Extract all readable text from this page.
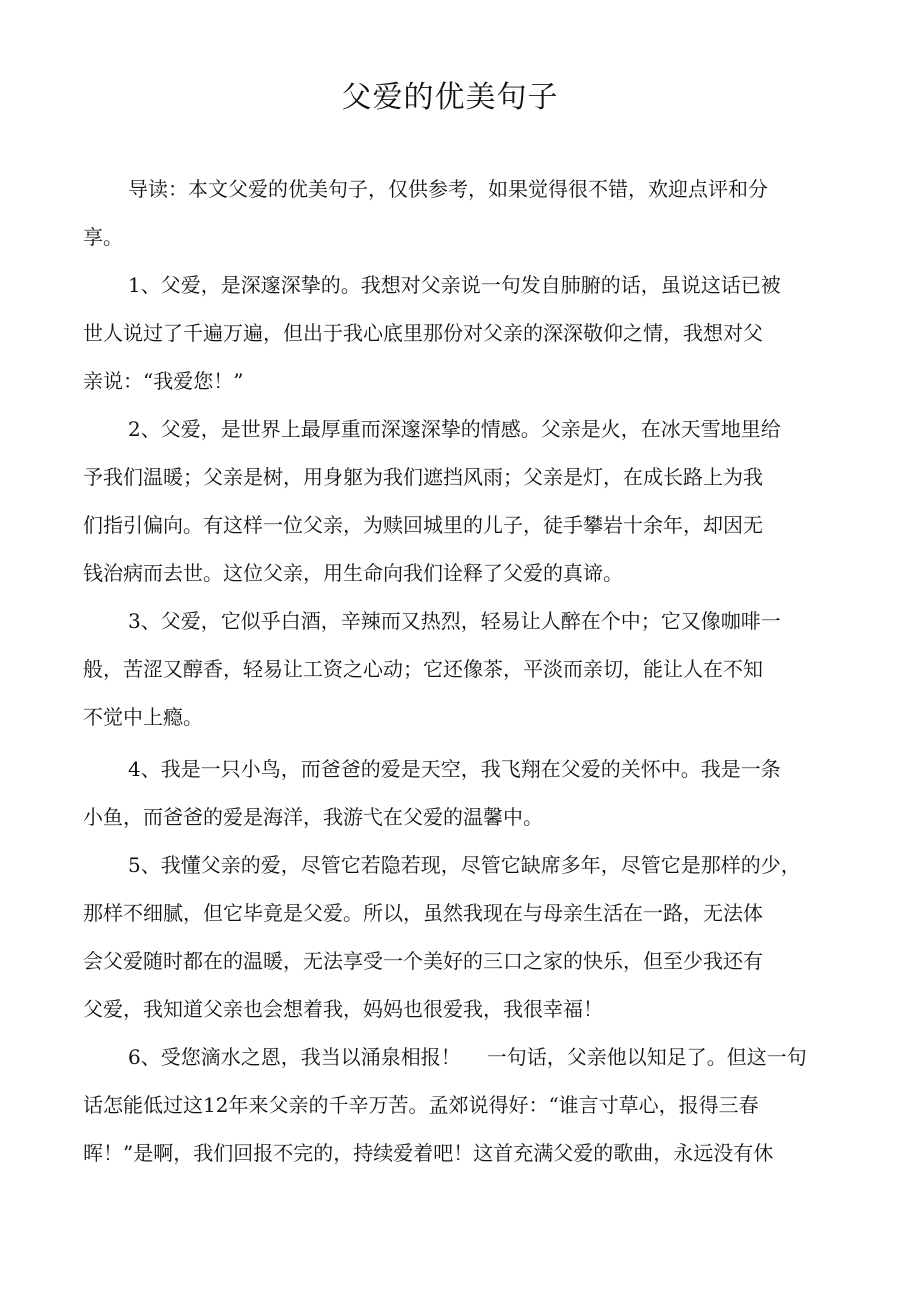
父爱的优美句子

导读：本文父爱的优美句子，仅供参考，如果觉得很不错，欢迎点评和分

享。

1、父爱，是深邃深挚的。我想对父亲说一句发自肺腑的话，虽说这话已被

世人说过了千遍万遍，但出于我心底里那份对父亲的深深敬仰之情，我想对父

亲说：“我爱您！”

2、父爱，是世界上最厚重而深邃深挚的情感。父亲是火，在冰天雪地里给

予我们温暖；父亲是树，用身躯为我们遮挡风雨；父亲是灯，在成长路上为我

们指引偏向。有这样一位父亲，为赎回城里的儿子，徒手攀岩十余年，却因无

钱治病而去世。这位父亲，用生命向我们诠释了父爱的真谛。

3、父爱，它似乎白酒，辛辣而又热烈，轻易让人醉在个中；它又像咖啡一

般，苦涩又醇香，轻易让工资之心动；它还像茶，平淡而亲切，能让人在不知

不觉中上瘾。

4、我是一只小鸟，而爸爸的爱是天空，我飞翔在父爱的关怀中。我是一条

小鱼，而爸爸的爱是海洋，我游弋在父爱的温馨中。

5、我懂父亲的爱，尽管它若隐若现，尽管它缺席多年，尽管它是那样的少，

那样不细腻，但它毕竟是父爱。所以，虽然我现在与母亲生活在一路，无法体

会父爱随时都在的温暖，无法享受一个美好的三口之家的快乐，但至少我还有

父爱，我知道父亲也会想着我，妈妈也很爱我，我很幸福！

6、受您滴水之恩，我当以涌泉相报！ 一句话，父亲他以知足了。但这一句

话怎能低过这12年来父亲的千辛万苦。孟郊说得好：“谁言寸草心，报得三春

晖！”是啊，我们回报不完的，持续爱着吧！这首充满父爱的歌曲，永远没有休
